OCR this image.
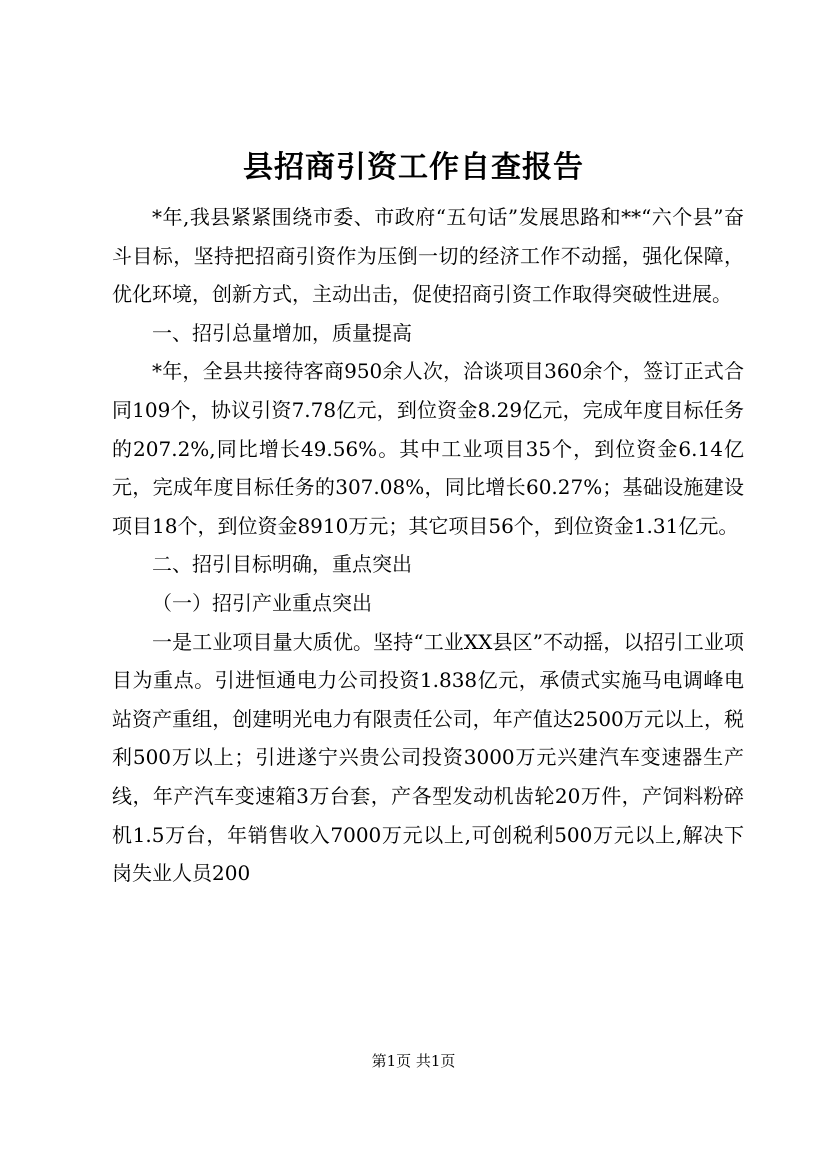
县招商引资工作自查报告

*年,我县紧紧围绕市委、市政府“五句话”发展思路和**“六个县”奋斗目标，坚持把招商引资作为压倒一切的经济工作不动摇，强化保障，优化环境，创新方式，主动出击，促使招商引资工作取得突破性进展。

一、招引总量增加，质量提高

*年，全县共接待客商950余人次，洽谈项目360余个，签订正式合同109个，协议引资7.78亿元，到位资金8.29亿元，完成年度目标任务的207.2%,同比增长49.56%。其中工业项目35个，到位资金6.14亿元，完成年度目标任务的307.08%，同比增长60.27%；基础设施建设项目18个，到位资金8910万元；其它项目56个，到位资金1.31亿元。

二、招引目标明确，重点突出

（一）招引产业重点突出

一是工业项目量大质优。坚持“工业XX县区”不动摇，以招引工业项目为重点。引进恒通电力公司投资1.838亿元，承债式实施马电调峰电站资产重组，创建明光电力有限责任公司，年产值达2500万元以上，税利500万以上；引进遂宁兴贵公司投资3000万元兴建汽车变速器生产线，年产汽车变速箱3万台套，产各型发动机齿轮20万件，产饲料粉碎机1.5万台，年销售收入7000万元以上,可创税利500万元以上,解决下岗失业人员200

第1页 共1页
